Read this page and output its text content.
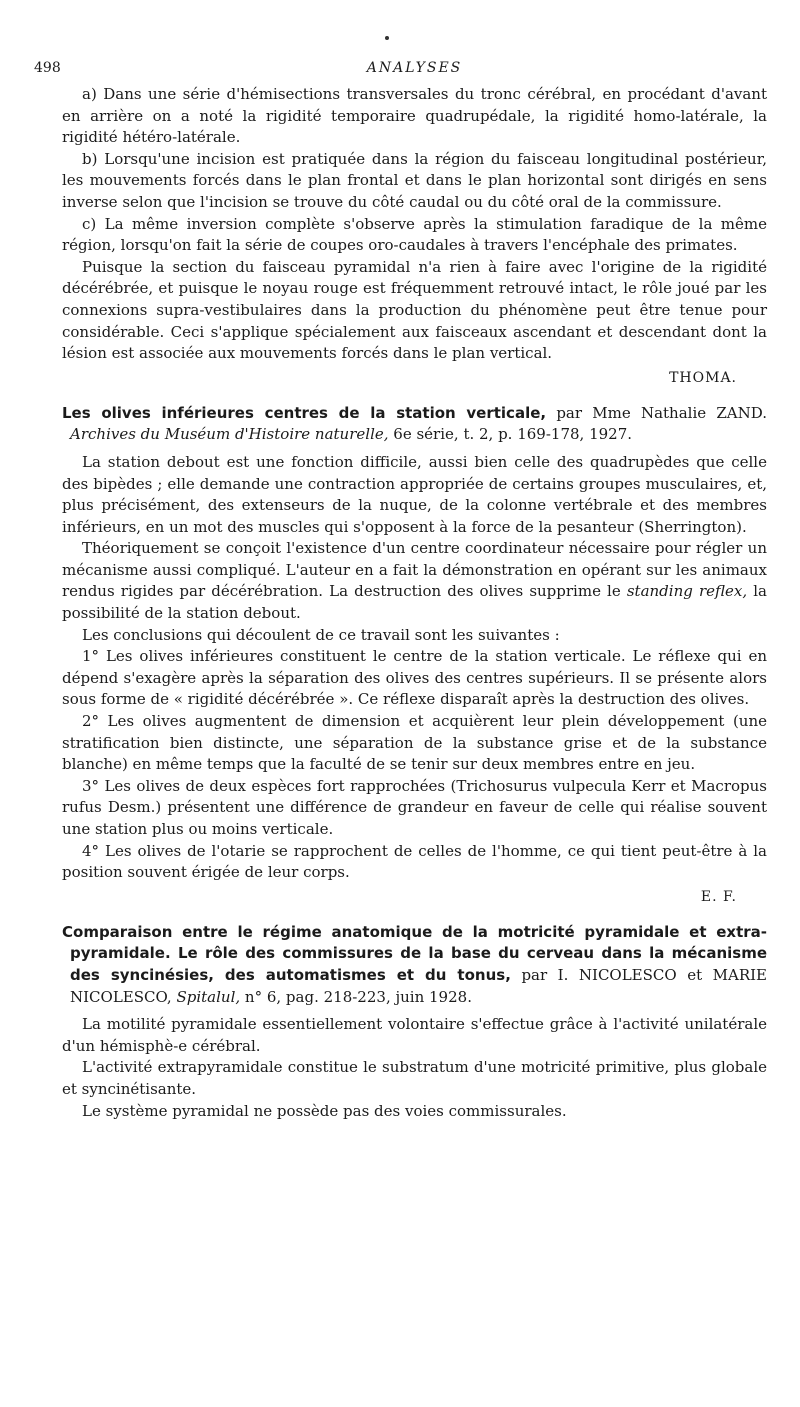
498	ANALYSES

a) Dans une série d'hémisections transversales du tronc cérébral, en procédant d'avant en arrière on a noté la rigidité temporaire quadrupédale, la rigidité homo-latérale, la rigidité hétéro-latérale.

b) Lorsqu'une incision est pratiquée dans la région du faisceau longitudinal postérieur, les mouvements forcés dans le plan frontal et dans le plan horizontal sont dirigés en sens inverse selon que l'incision se trouve du côté caudal ou du côté oral de la commissure.

c) La même inversion complète s'observe après la stimulation faradique de la même région, lorsqu'on fait la série de coupes oro-caudales à travers l'encéphale des primates.

Puisque la section du faisceau pyramidal n'a rien à faire avec l'origine de la rigidité décérébrée, et puisque le noyau rouge est fréquemment retrouvé intact, le rôle joué par les connexions supra-vestibulaires dans la production du phénomène peut être tenue pour considérable. Ceci s'applique spécialement aux faisceaux ascendant et descendant dont la lésion est associée aux mouvements forcés dans le plan vertical.

THOMA.
Les olives inférieures centres de la station verticale, par Mme Nathalie ZAND. Archives du Muséum d'Histoire naturelle, 6e série, t. 2, p. 169-178, 1927.

La station debout est une fonction difficile, aussi bien celle des quadrupèdes que celle des bipèdes ; elle demande une contraction appropriée de certains groupes musculaires, et, plus précisément, des extenseurs de la nuque, de la colonne vertébrale et des membres inférieurs, en un mot des muscles qui s'opposent à la force de la pesanteur (Sherrington).

Théoriquement se conçoit l'existence d'un centre coordinateur nécessaire pour régler un mécanisme aussi compliqué. L'auteur en a fait la démonstration en opérant sur les animaux rendus rigides par décérébration. La destruction des olives supprime le standing reflex, la possibilité de la station debout.

Les conclusions qui découlent de ce travail sont les suivantes :

1° Les olives inférieures constituent le centre de la station verticale. Le réflexe qui en dépend s'exagère après la séparation des olives des centres supérieurs. Il se présente alors sous forme de « rigidité décérébrée ». Ce réflexe disparaît après la destruction des olives.

2° Les olives augmentent de dimension et acquièrent leur plein développement (une stratification bien distincte, une séparation de la substance grise et de la substance blanche) en même temps que la faculté de se tenir sur deux membres entre en jeu.

3° Les olives de deux espèces fort rapprochées (Trichosurus vulpecula Kerr et Macropus rufus Desm.) présentent une différence de grandeur en faveur de celle qui réalise souvent une station plus ou moins verticale.

4° Les olives de l'otarie se rapprochent de celles de l'homme, ce qui tient peut-être à la position souvent érigée de leur corps.

E. F.
Comparaison entre le régime anatomique de la motricité pyramidale et extra-pyramidale. Le rôle des commissures de la base du cerveau dans la mécanisme des syncinésies, des automatismes et du tonus, par I. NICOLESCO et MARIE NICOLESCO, Spitalul, n° 6, pag. 218-223, juin 1928.

La motilité pyramidale essentiellement volontaire s'effectue grâce à l'activité unilatérale d'un hémisphè-e cérébral.

L'activité extrapyramidale constitue le substratum d'une motricité primitive, plus globale et syncinétisante.

Le système pyramidal ne possède pas des voies commissurales.
